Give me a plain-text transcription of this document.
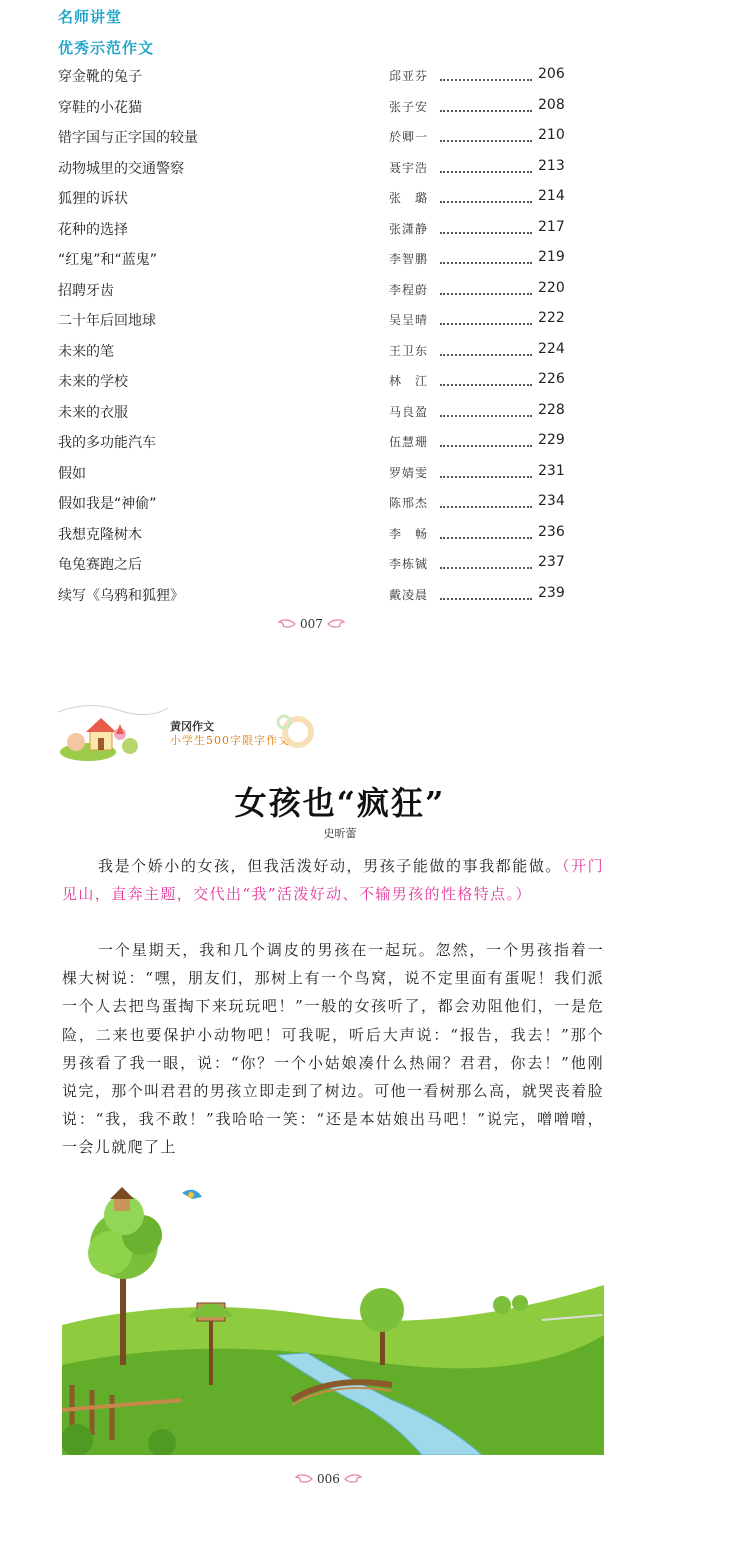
名师讲堂
优秀示范作文
穿金靴的兔子	邱亚芬	206
穿鞋的小花猫	张子安	208
错字国与正字国的较量	於卿一	210
动物城里的交通警察	聂宇浩	213
狐狸的诉状	张　璐	214
花种的选择	张潇静	217
“红鬼”和“蓝鬼”	李智鹏	219
招聘牙齿	李程蔚	220
二十年后回地球	吴呈晴	222
未来的笔	王卫东	224
未来的学校	林　江	226
未来的衣服	马良盈	228
我的多功能汽车	伍慧珊	229
假如	罗婧雯	231
假如我是“神偷”	陈邢杰	234
我想克隆树木	李　畅	236
龟兔赛跑之后	李栋铖	237
续写《乌鸦和狐狸》	戴凌晨	239
007
黄冈作文
小学生500字限字作文
女孩也“疯狂”
史昕蕾
我是个娇小的女孩，但我活泼好动，男孩子能做的事我都能做。（开门见山，直奔主题，交代出“我”活泼好动、不输男孩的性格特点。）
一个星期天，我和几个调皮的男孩在一起玩。忽然，一个男孩指着一棵大树说：“嘿，朋友们，那树上有一个鸟窝，说不定里面有蛋呢！我们派一个人去把鸟蛋掏下来玩玩吧！”一般的女孩听了，都会劝阻他们，一是危险，二来也要保护小动物吧！可我呢，听后大声说：“报告，我去！”那个男孩看了我一眼，说：“你？一个小姑娘凑什么热闹？君君，你去！”他刚说完，那个叫君君的男孩立即走到了树边。可他一看树那么高，就哭丧着脸说：“我，我不敢！”我哈哈一笑：“还是本姑娘出马吧！”说完，噌噌噌，一会儿就爬了上
006
